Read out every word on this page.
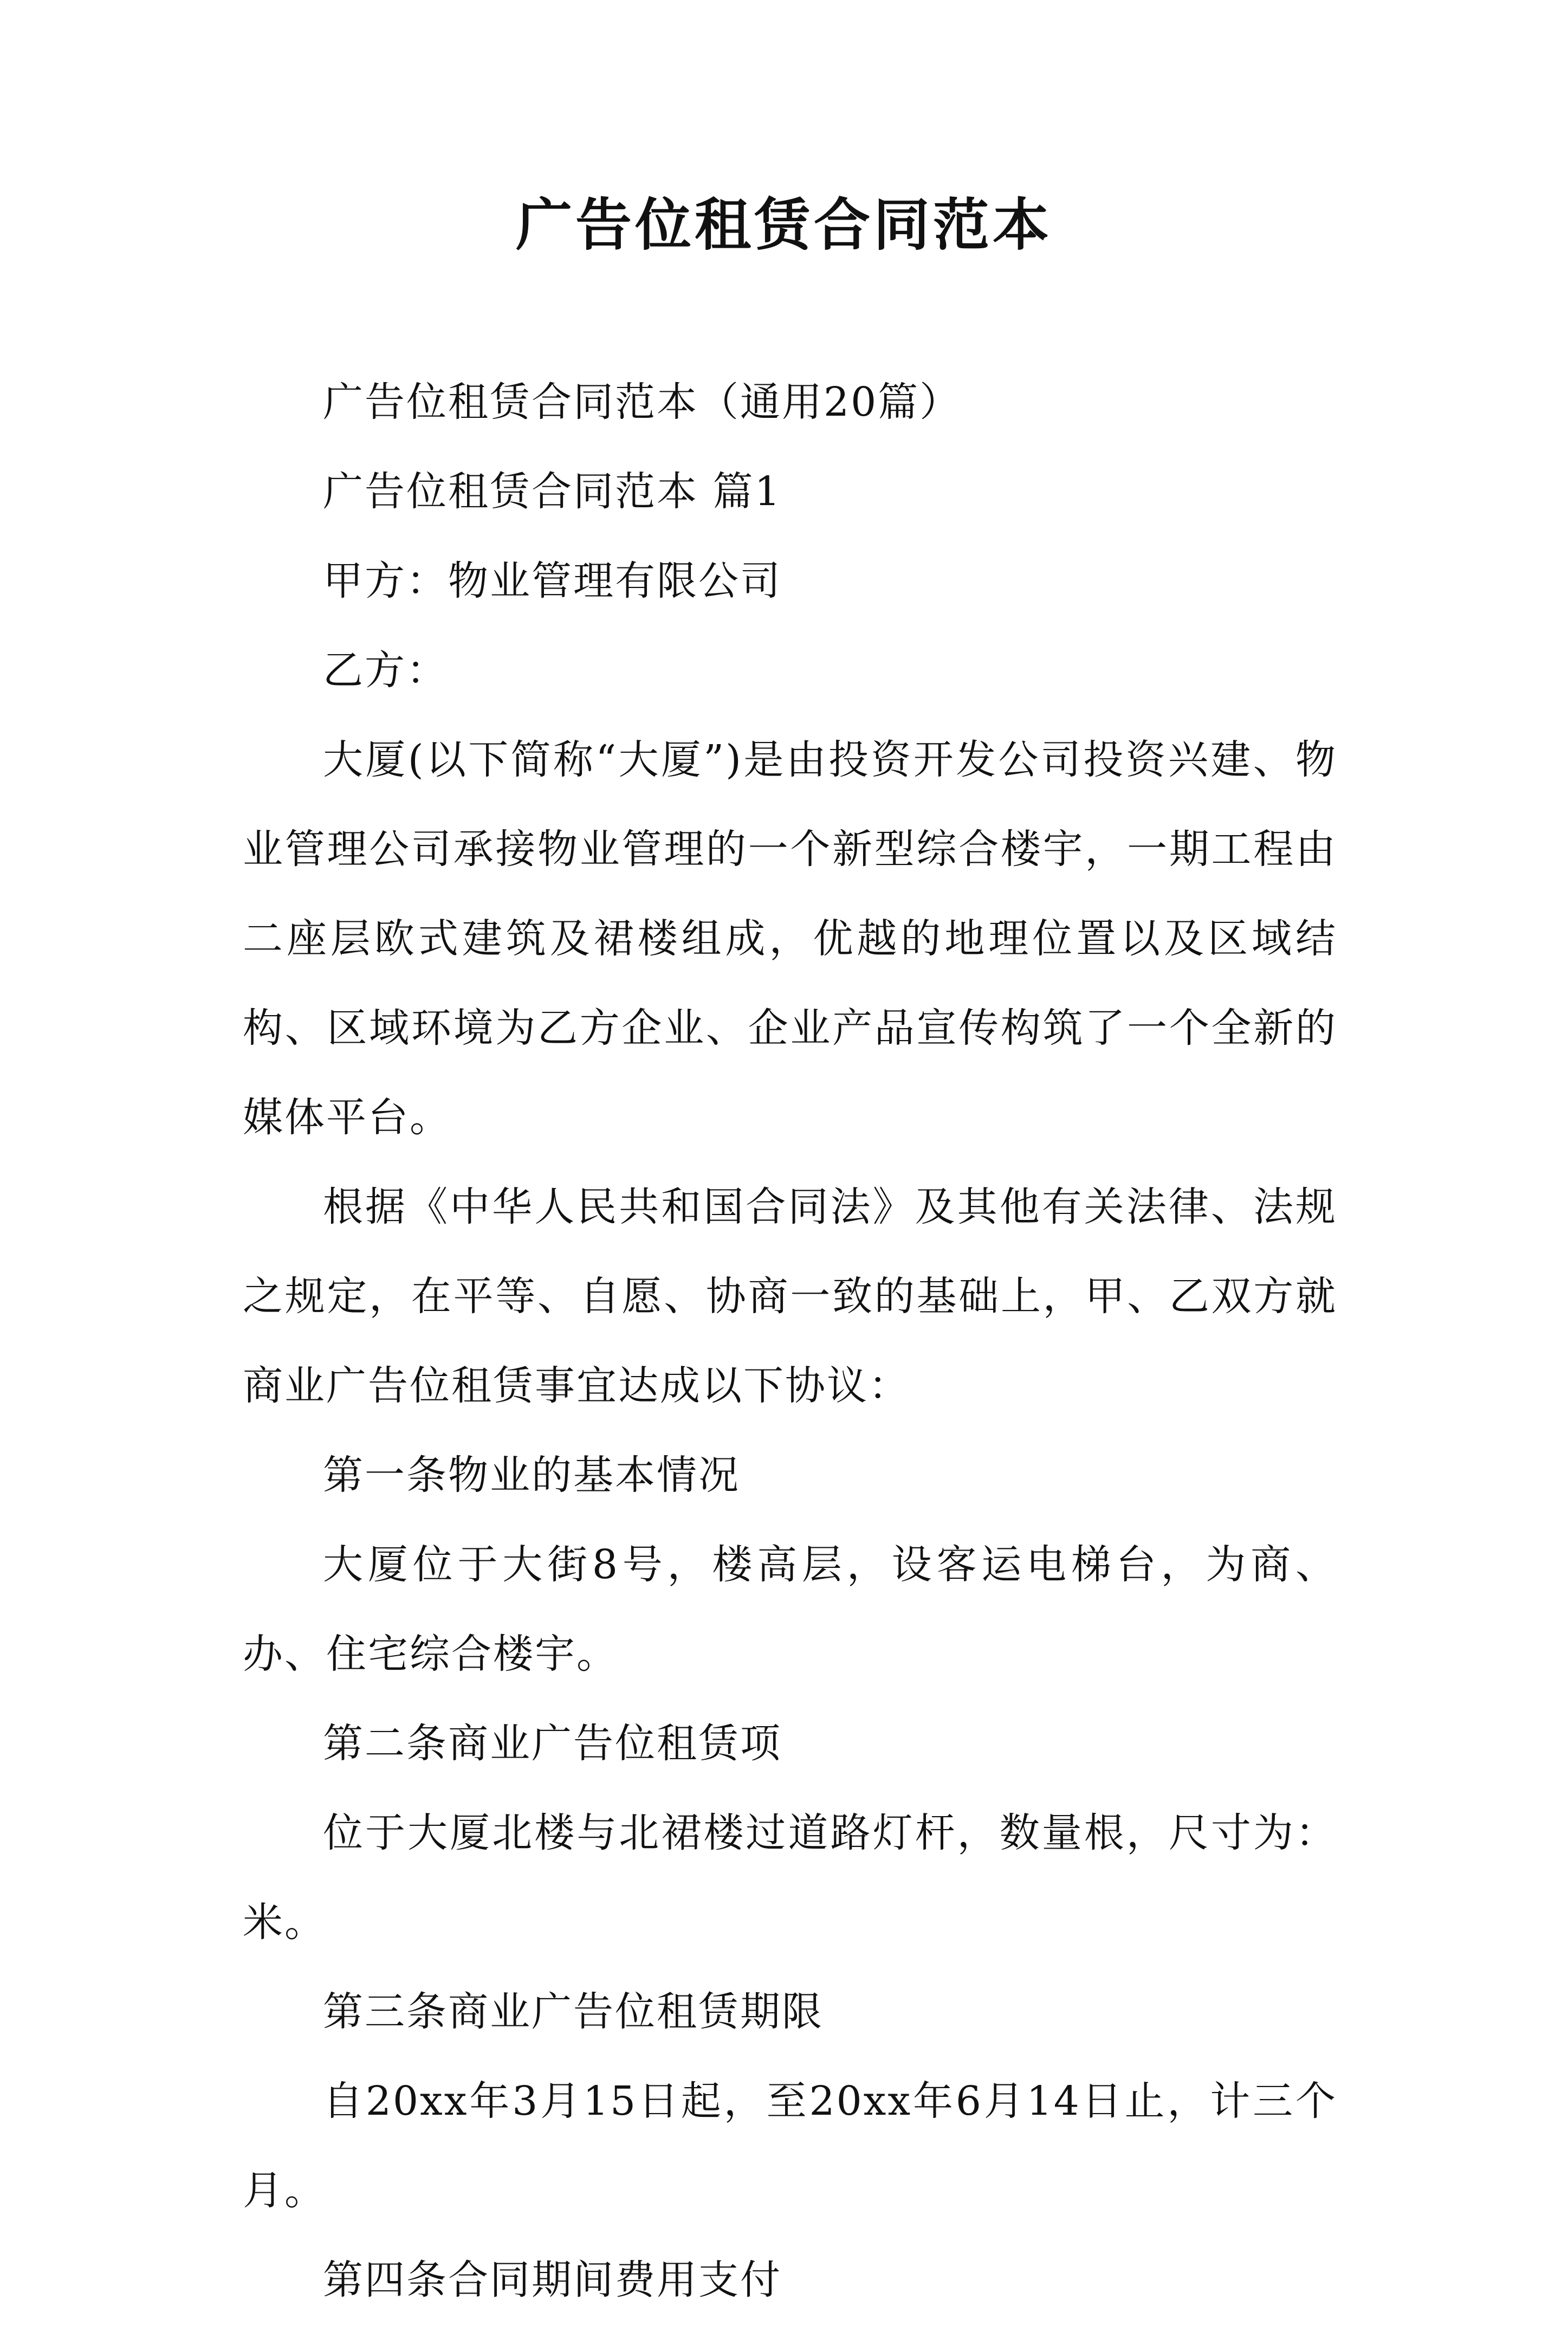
广告位租赁合同范本

广告位租赁合同范本（通用20篇）

广告位租赁合同范本 篇1

甲方：物业管理有限公司

乙方：

大厦(以下简称“大厦”)是由投资开发公司投资兴建、物业管理公司承接物业管理的一个新型综合楼宇，一期工程由二座层欧式建筑及裙楼组成，优越的地理位置以及区域结构、区域环境为乙方企业、企业产品宣传构筑了一个全新的媒体平台。

根据《中华人民共和国合同法》及其他有关法律、法规之规定，在平等、自愿、协商一致的基础上，甲、乙双方就商业广告位租赁事宜达成以下协议：

第一条物业的基本情况

大厦位于大街8号，楼高层，设客运电梯台，为商、办、住宅综合楼宇。

第二条商业广告位租赁项

位于大厦北楼与北裙楼过道路灯杆，数量根，尺寸为：米。

第三条商业广告位租赁期限

自20xx年3月15日起，至20xx年6月14日止，计三个月。

第四条合同期间费用支付
